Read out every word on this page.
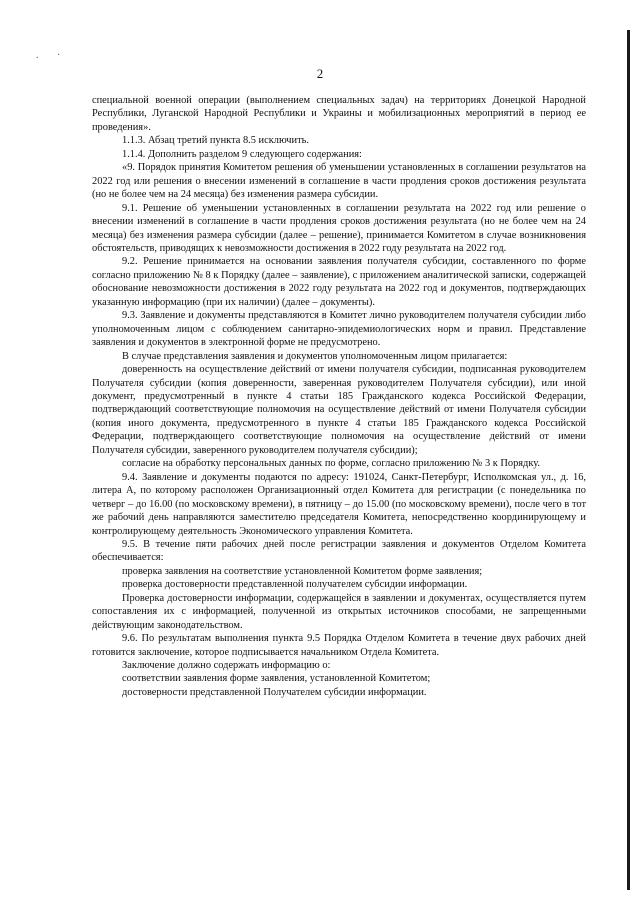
. ·
2

специальной военной операции (выполнением специальных задач) на территориях Донецкой Народной Республики, Луганской Народной Республики и Украины и мобилизационных мероприятий в период ее проведения».

1.1.3. Абзац третий пункта 8.5 исключить.

1.1.4. Дополнить разделом 9 следующего содержания:

«9. Порядок принятия Комитетом решения об уменьшении установленных в соглашении результатов на 2022 год или решения о внесении изменений в соглашение в части продления сроков достижения результата (но не более чем на 24 месяца) без изменения размера субсидии.

9.1. Решение об уменьшении установленных в соглашении результата на 2022 год или решение о внесении изменений в соглашение в части продления сроков достижения результата (но не более чем на 24 месяца) без изменения размера субсидии (далее – решение), принимается Комитетом в случае возникновения обстоятельств, приводящих к невозможности достижения в 2022 году результата на 2022 год.

9.2. Решение принимается на основании заявления получателя субсидии, составленного по форме согласно приложению № 8 к Порядку (далее – заявление), с приложением аналитической записки, содержащей обоснование невозможности достижения в 2022 году результата на 2022 год и документов, подтверждающих указанную информацию (при их наличии) (далее – документы).

9.3. Заявление и документы представляются в Комитет лично руководителем получателя субсидии либо уполномоченным лицом с соблюдением санитарно-эпидемиологических норм и правил. Представление заявления и документов в электронной форме не предусмотрено.

В случае представления заявления и документов уполномоченным лицом прилагается:

доверенность на осуществление действий от имени получателя субсидии, подписанная руководителем Получателя субсидии (копия доверенности, заверенная руководителем Получателя субсидии), или иной документ, предусмотренный в пункте 4 статьи 185 Гражданского кодекса Российской Федерации, подтверждающий соответствующие полномочия на осуществление действий от имени Получателя субсидии (копия иного документа, предусмотренного в пункте 4 статьи 185 Гражданского кодекса Российской Федерации, подтверждающего соответствующие полномочия на осуществление действий от имени Получателя субсидии, заверенного руководителем получателя субсидии);

согласие на обработку персональных данных по форме, согласно приложению № 3 к Порядку.

9.4. Заявление и документы подаются по адресу: 191024, Санкт-Петербург, Исполкомская ул., д. 16, литера А, по которому расположен Организационный отдел Комитета для регистрации (с понедельника по четверг – до 16.00 (по московскому времени), в пятницу – до 15.00 (по московскому времени), после чего в тот же рабочий день направляются заместителю председателя Комитета, непосредственно координирующему и контролирующему деятельность Экономического управления Комитета.

9.5. В течение пяти рабочих дней после регистрации заявления и документов Отделом Комитета обеспечивается:

проверка заявления на соответствие установленной Комитетом форме заявления;

проверка достоверности представленной получателем субсидии информации.

Проверка достоверности информации, содержащейся в заявлении и документах, осуществляется путем сопоставления их с информацией, полученной из открытых источников способами, не запрещенными действующим законодательством.

9.6. По результатам выполнения пункта 9.5 Порядка Отделом Комитета в течение двух рабочих дней готовится заключение, которое подписывается начальником Отдела Комитета.

Заключение должно содержать информацию о:

соответствии заявления форме заявления, установленной Комитетом;

достоверности представленной Получателем субсидии информации.
